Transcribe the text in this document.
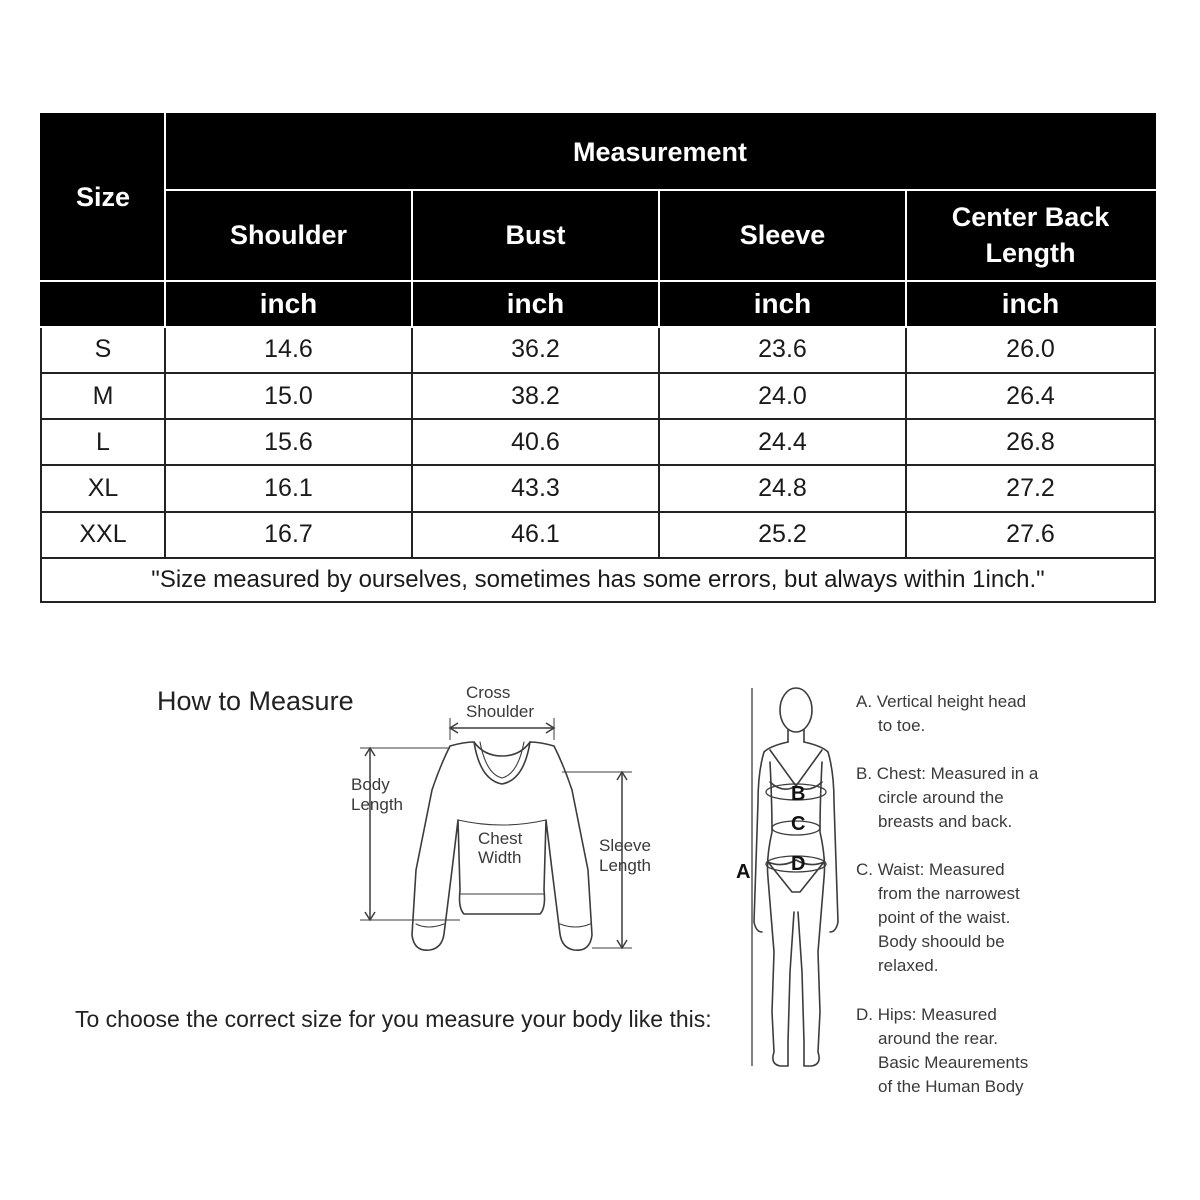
Size	Measurement			
	Shoulder	Bust	Sleeve	Center Back Length
	inch	inch	inch	inch
S	14.6	36.2	23.6	26.0
M	15.0	38.2	24.0	26.4
L	15.6	40.6	24.4	26.8
XL	16.1	43.3	24.8	27.2
XXL	16.7	46.1	25.2	27.6
"Size measured by ourselves, sometimes has some errors, but always within 1inch."				
How to Measure
To choose the correct size for you measure your body like this:
Cross
Shoulder
Body
Length
Chest
Width
Sleeve
Length
B
C
D
A

A. Vertical height head

to toe.

B. Chest: Measured in a

circle around the

breasts and back.

C. Waist: Measured

from the narrowest

point of the waist.

Body shoould be

relaxed.

D. Hips: Measured

around the rear.

Basic Meaurements

of the Human Body
